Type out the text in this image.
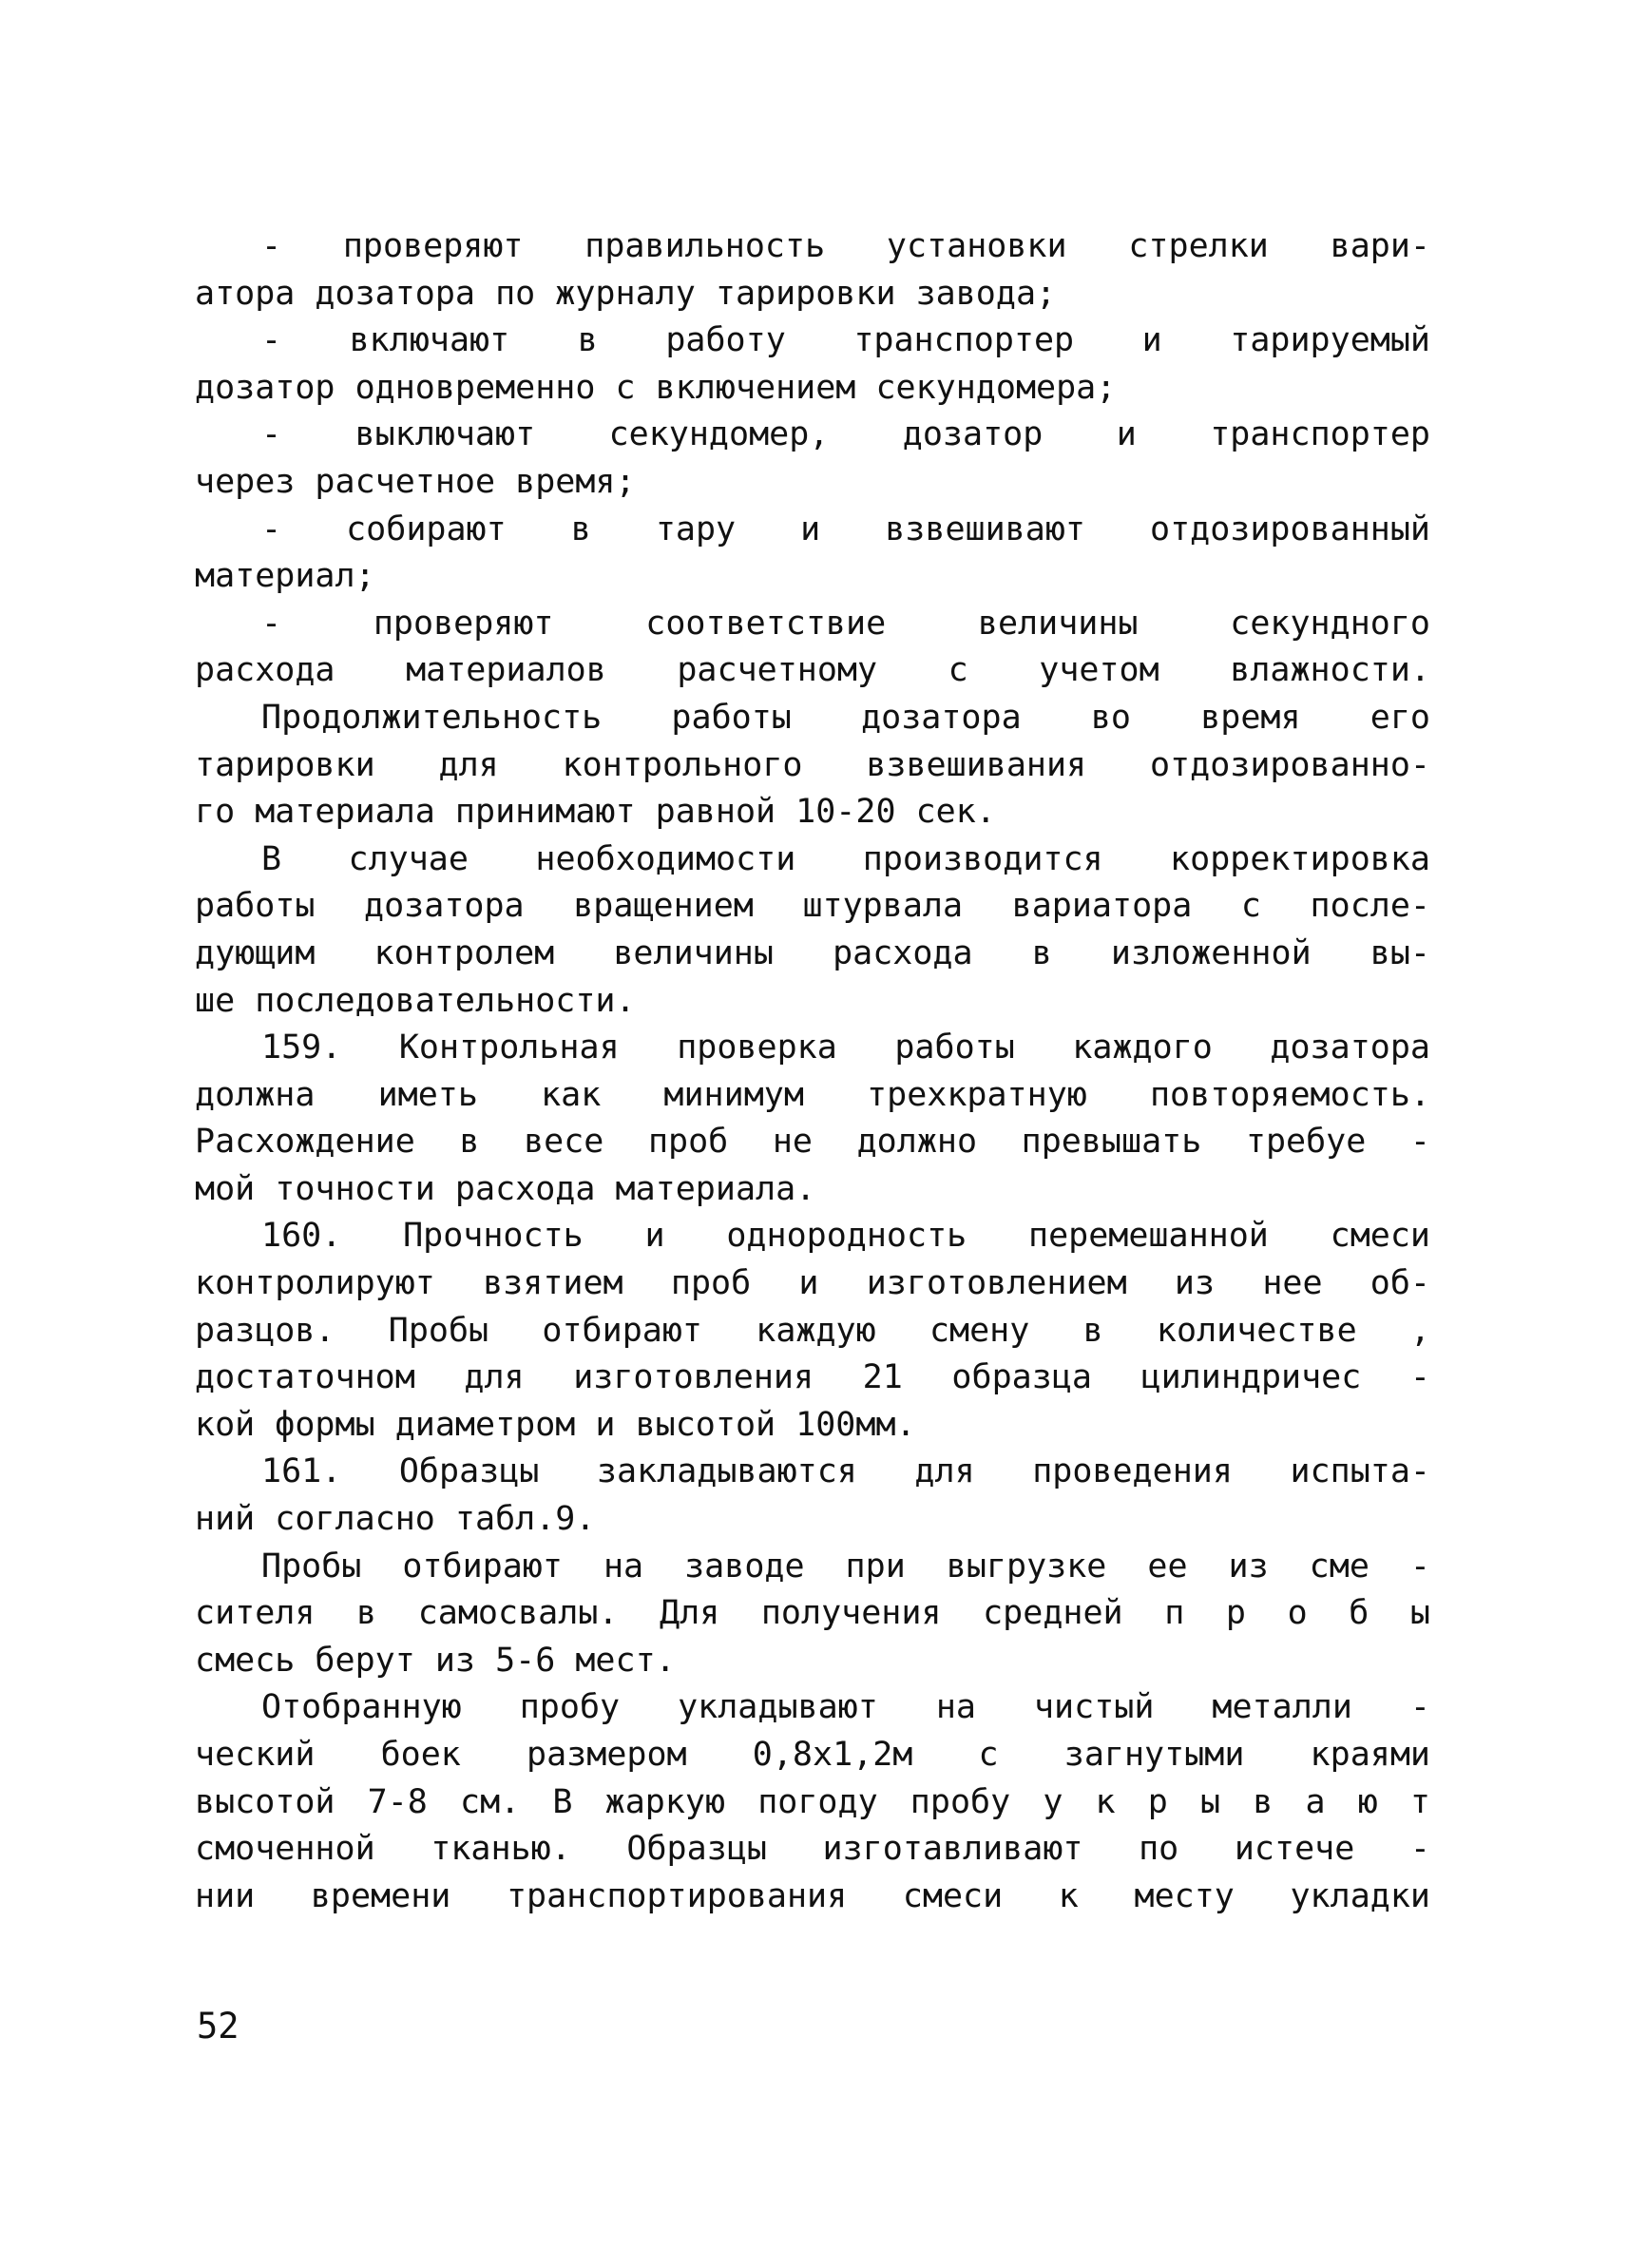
- проверяют правильность установки стрелки вари-
атора дозатора по журналу тарировки завода;
- включают в работу транспортер и тарируемый
дозатор одновременно с включением секундомера;
- выключают секундомер, дозатор и транспортер
через расчетное время;
- собирают в тару и взвешивают отдозированный
материал;
- проверяют соответствие величины секундного
расхода материалов расчетному с учетом влажности.
Продолжительность работы дозатора во время его
тарировки для контрольного взвешивания отдозированно-
го материала принимают равной 10-20 сек.
В случае необходимости производится корректировка
работы дозатора вращением штурвала вариатора с после-
дующим контролем величины расхода в изложенной вы-
ше последовательности.
159. Контрольная проверка работы каждого дозатора
должна иметь как минимум трехкратную повторяемость.
Расхождение в весе проб не должно превышать требуе -
мой точности расхода материала.
160. Прочность и однородность перемешанной смеси
контролируют взятием проб и изготовлением из нее об-
разцов. Пробы отбирают каждую смену в количестве ,
достаточном для изготовления 21 образца цилиндричес -
кой формы диаметром и высотой 100мм.
161. Образцы закладываются для проведения испыта-
ний согласно табл.9.
Пробы отбирают на заводе при выгрузке ее из сме -
сителя в самосвалы. Для получения средней п р о б ы
смесь берут из 5-6 мест.
Отобранную пробу укладывают на чистый металли -
ческий боек размером 0,8х1,2м с загнутыми краями
высотой 7-8 см. В жаркую погоду пробу у к р ы в а ю т
смоченной тканью. Образцы изготавливают по истече -
нии времени транспортирования смеси к месту укладки
52
